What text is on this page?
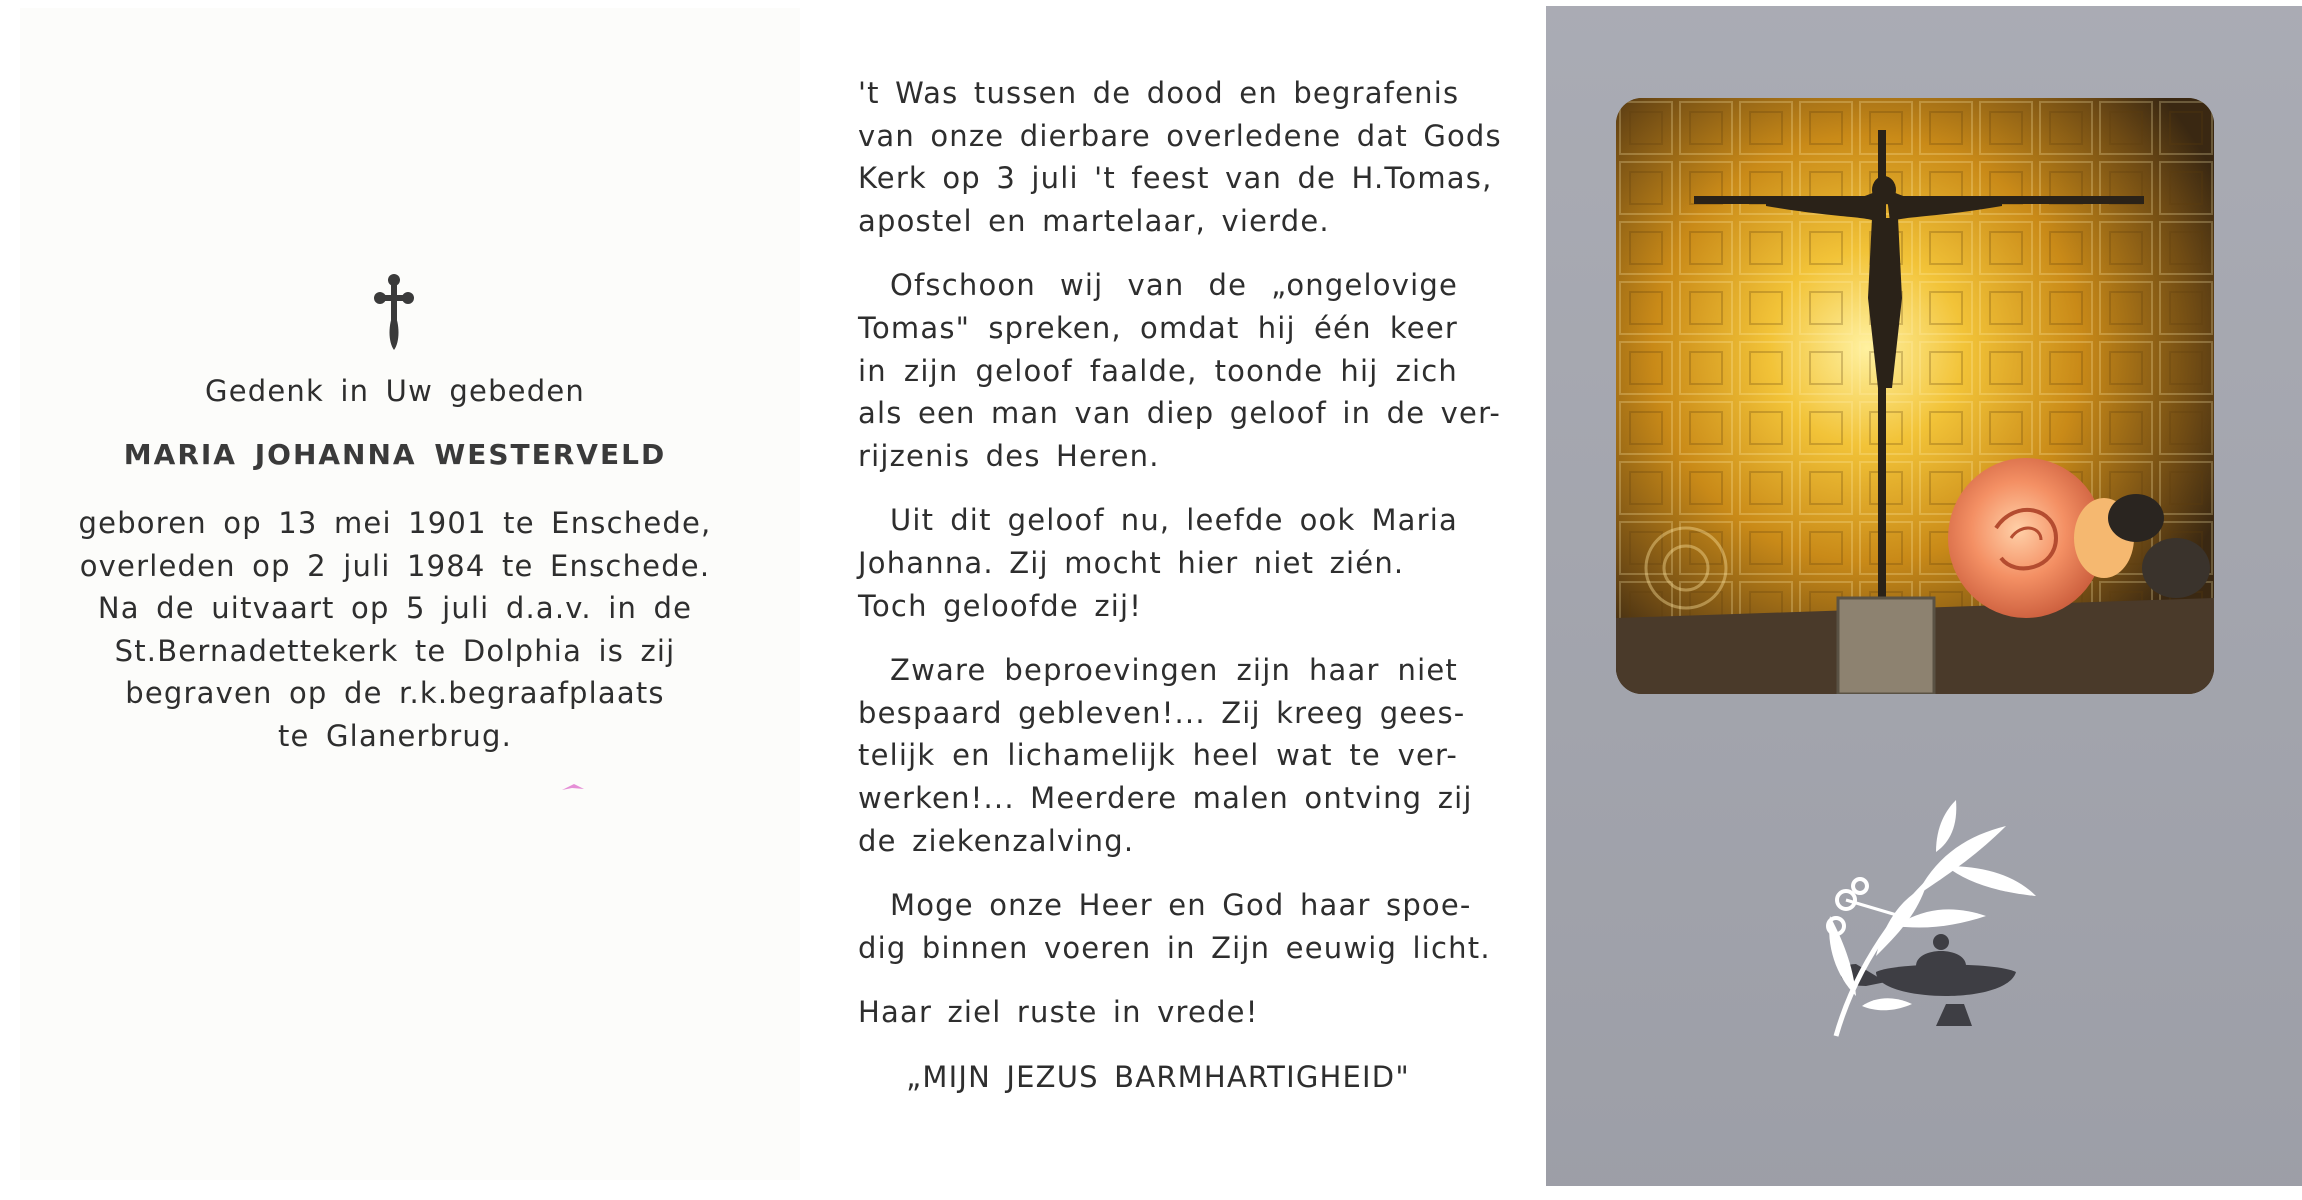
Gedenk in Uw gebeden
MARIA JOHANNA WESTERVELD
geboren op 13 mei 1901 te Enschede,
overleden op 2 juli 1984 te Enschede.
Na de uitvaart op 5 juli d.a.v. in de
St.Bernadettekerk te Dolphia is zij
begraven op de r.k.begraafplaats
te Glanerbrug.
't Was tussen de dood en begrafenis
van onze dierbare overledene dat Gods
Kerk op 3 juli 't feest van de H.Tomas,
apostel en martelaar, vierde.
Ofschoon wij van de „ongelovige
Tomas" spreken, omdat hij één keer
in zijn geloof faalde, toonde hij zich
als een man van diep geloof in de ver-
rijzenis des Heren.
Uit dit geloof nu, leefde ook Maria
Johanna. Zij mocht hier niet zién.
Toch geloofde zij!
Zware beproevingen zijn haar niet
bespaard gebleven!... Zij kreeg gees-
telijk en lichamelijk heel wat te ver-
werken!... Meerdere malen ontving zij
de ziekenzalving.
Moge onze Heer en God haar spoe-
dig binnen voeren in Zijn eeuwig licht.
Haar ziel ruste in vrede!
„MIJN JEZUS BARMHARTIGHEID"
